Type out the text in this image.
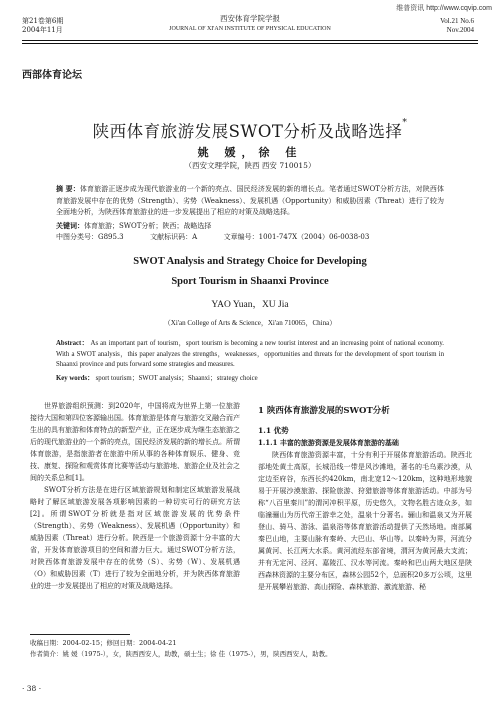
维普资讯 http://www.cqvip.com
第21卷第6期
2004年11月
西安体育学院学报
JOURNAL OF XI'AN INSTITUTE OF PHYSICAL EDUCATION
Vol.21 No.6
Nov.2004
西部体育论坛
陕西体育旅游发展SWOT分析及战略选择*
姚 媛，徐 佳
（西安文理学院，陕西 西安 710015）
摘 要：体育旅游正逐步成为现代旅游业的一个新的亮点、国民经济发展的新的增长点。笔者通过SWOT分析方法，对陕西体育旅游发展中存在的优势（Strength）、劣势（Weakness）、发展机遇（Opportunity）和威胁因素（Threat）进行了较为全面地分析，为陕西体育旅游业的进一步发展提出了相应的对策及战略选择。
关键词：体育旅游；SWOT分析；陕西；战略选择
中图分类号：G895.3	文献标识码：A	文章编号：1001-747X（2004）06-0038-03
SWOT Analysis and Strategy Choice for Developing
Sport Tourism in Shaanxi Province
YAO Yuan，XU Jia
（Xi'an College of Arts & Science，Xi'an 710065，China）
Abstract： As an important part of tourism，sport tourism is becoming a new tourist interest and an increasing point of national economy. With a SWOT analysis，this paper analyzes the strengths，weaknesses，opportunities and threats for the development of sport tourism in Shaanxi province and puts forward some strategies and measures.
Key words： sport tourism；SWOT analysis；Shaanxi；strategy choice

世界旅游组织预测：到2020年，中国将成为世界上第一位旅游接待大国和第四位客源输出国。体育旅游是体育与旅游交叉融合而产生出的具有旅游和体育特点的新型产业，正在逐步成为继生态旅游之后的现代旅游业的一个新的亮点，国民经济发展的新的增长点。所谓体育旅游，是指旅游者在旅游中所从事的各种体育娱乐、健身、竞技、康复、探险和观赏体育比赛等活动与旅游地、旅游企业及社会之间的关系总和[1]。

SWOT分析方法是在进行区域旅游规划和制定区域旅游发展战略时了解区域旅游发展各项影响因素的一种切实可行的研究方法[2]。所谓SWOT分析就是指对区域旅游发展的优势条件（Strength）、劣势（Weakness）、发展机遇（Opportunity）和威胁因素（Threat）进行分析。陕西是一个旅游资源十分丰富的大省，开发体育旅游项目的空间和潜力巨大。通过SWOT分析方法，对陕西体育旅游发展中存在的优势（S）、劣势（W）、发展机遇（O）和威胁因素（T）进行了较为全面地分析，并为陕西体育旅游业的进一步发展提出了相应的对策及战略选择。

1 陕西体育旅游发展的SWOT分析
1.1 优势
1.1.1 丰富的旅游资源是发展体育旅游的基础

陕西体育旅游资源丰富，十分有利于开展体育旅游活动。陕西北部地处黄土高原，长城沿线一带是风沙滩地，著名的毛乌素沙漠，从定边至府谷，东西长约420km，南北宽12～120km，这种地形地貌易于开展沙漠旅游、探险旅游、狩猎旅游等体育旅游活动。中部为号称“八百里秦川”的渭河冲积平原，历史悠久，文物名胜古迹众多，如临潼骊山为历代帝王游幸之处，温泉十分著名。骊山和温泉又为开展登山、骑马、游泳、温泉浴等体育旅游活动提供了天然场地。南部属秦巴山地，主要山脉有秦岭、大巴山、华山等。以秦岭为界，河流分属黄河、长江两大水系。黄河流经东部省境，渭河为黄河最大支流；并有无定河、泾河、嘉陵江、汉水等河流。秦岭和巴山两大地区是陕西森林资源的主要分布区，森林公园52个，总面积20多万公顷，这里是开展攀岩旅游、高山探险、森林旅游、激流旅游、秘

收稿日期：2004-02-15；修回日期：2004-04-21
作者简介：姚 媛（1975-），女，陕西西安人，助教，硕士生；徐 佳（1975-），男，陕西西安人，助教。
· 38 ·
